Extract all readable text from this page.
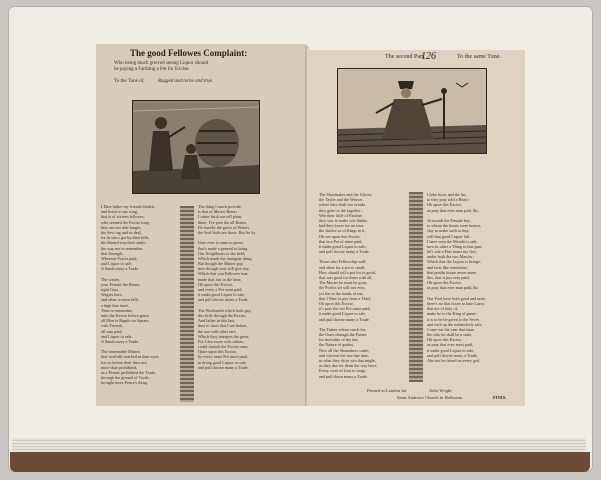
The good Fellowes Complaint:
Who being much grieved seeing Liquor should
be paying a Farthing a Pot for Excise.
To the Tune of,	Ragged and torne and true.
I Dare hither my friends bloden,
and listen to my song,
that is of sixteen fellowes,
who seemed the Excise long :
they are not able longer,
the Sew ing and so deal,
for in since got by their bills,
the Sheard was their smile :
the way me to remember,
that Strength,
Whereon Power paid,
and Liquor to sale,
A Sumb away a Trade.
The waiter,
your Friend, the Bones,
right Guyt,
Wagies here,
and other women bills
a high that sheet,
Then to remember,
unto the Excise before grace,
all Men to Ripple on Square,
with Friends,
all sum paid,
and Liquor to sale,
A Sumb away a Trade.
The lamentable Master,
that woefully marked in their eyes,
has so before their time are,
more than prohibited,
as a Pennie prohibited the Trade,
through the ground of Tryde,
brought more Pence's thing.
The thing I much provide,
is that of Master Bones :
I raster brisk me tell plain,
thine, I've pore the all Bones,
Do bundle the grave of Waters,
the Seal Sails are those. But So by
Unto ever it come to passe,
that's made a general to bring.
Our Neighbours to the field,
Which made the foreigner thing.
But though the Master pay,
now though your still give my,
Which that you Fellowes true,
made that fast in the time,
Oh upon this Excise,
and every a Pot went paid,
it make good Liquor to sale,
and pull downe many a Trade.
The Woolsmith which both gay,
this little through the Excise,
And lather in this last,
they're short that I see before,
the axe with other rare.
Which they interpret the great,
For I doe more with others,
could furnish the Excise cane,
Quite upon this Excise,
by every same Pot more paid,
in doing good Liquor or sale,
and pull downe many a Trade.
The second Part,
126	To the same Tune.
The Shoemaker and the Glover,
the Tayler and the Weaver,
where they shall not avoide,
they gette to the together :
Win their little of Pauline,
they saw to make you thinke,
had they lower for no tone,
the Justice so of Kings in it,
Oh soe upon this Excise,
that in a Pot of mine paid,
it make good Liquor to sale,
and pull downe many a Trade.
Those who Fellowship well,
and other for a pot to small,
How should tell a pot for to good,
that was good for them with all,
The Master he must be gone,
the Profits set will not ever,
yet the in the bonds of me,
that I Nine to pay from a Thief,
Oh upon this Excise,
it's pray the soe Pot same paid,
it make good Liquor to sale,
and pull downe many a Trade.
The Tinker whose reach for,
the flows through the Faster,
for mortality of my me,
the Nature of qualm,
Now all the Shomakers cadre,
and whereat the sun that time,
in what they do to win that might,
as they doe for them the way have,
Every were of Lust to sings,
and pull down many a Trade.
Cloke brow and the lin,
to they pray told a Heart :
Oh upon this Excise,
as pray that ever man paid, &c.
At morall the Female boy,
to whom the hearts were honest,
slay to make such to buy,
will that good Liquor fail :
I have seen the Mendit is sale,
now in other a Thing to that part,
let's tale a Fine mans my five,
under both the two Marchs ;
Which that the Liquor is bringe,
and lasts like remember,
that preditt house never more
this, that it just very paid,
Oh upon this Excise,
as pray that ever man paid, &c.
Our Pool have both good and taste,
there's no that lower to hate Lasse,
that are of holy of,
make he to the King of game ;
it is to be be given to the Sever,
and each up the melancholy sale,
Come out the year that time,
the who be shall be a state,
Oh upon this Excise,
as pray that ever most paid,
it make good Liquor to sale,
and pull downe many a Trade,
Abe not be friend on every god.
Printed at London for	John Wright
Saint Andrews Church in Holborne,	FINIS.
